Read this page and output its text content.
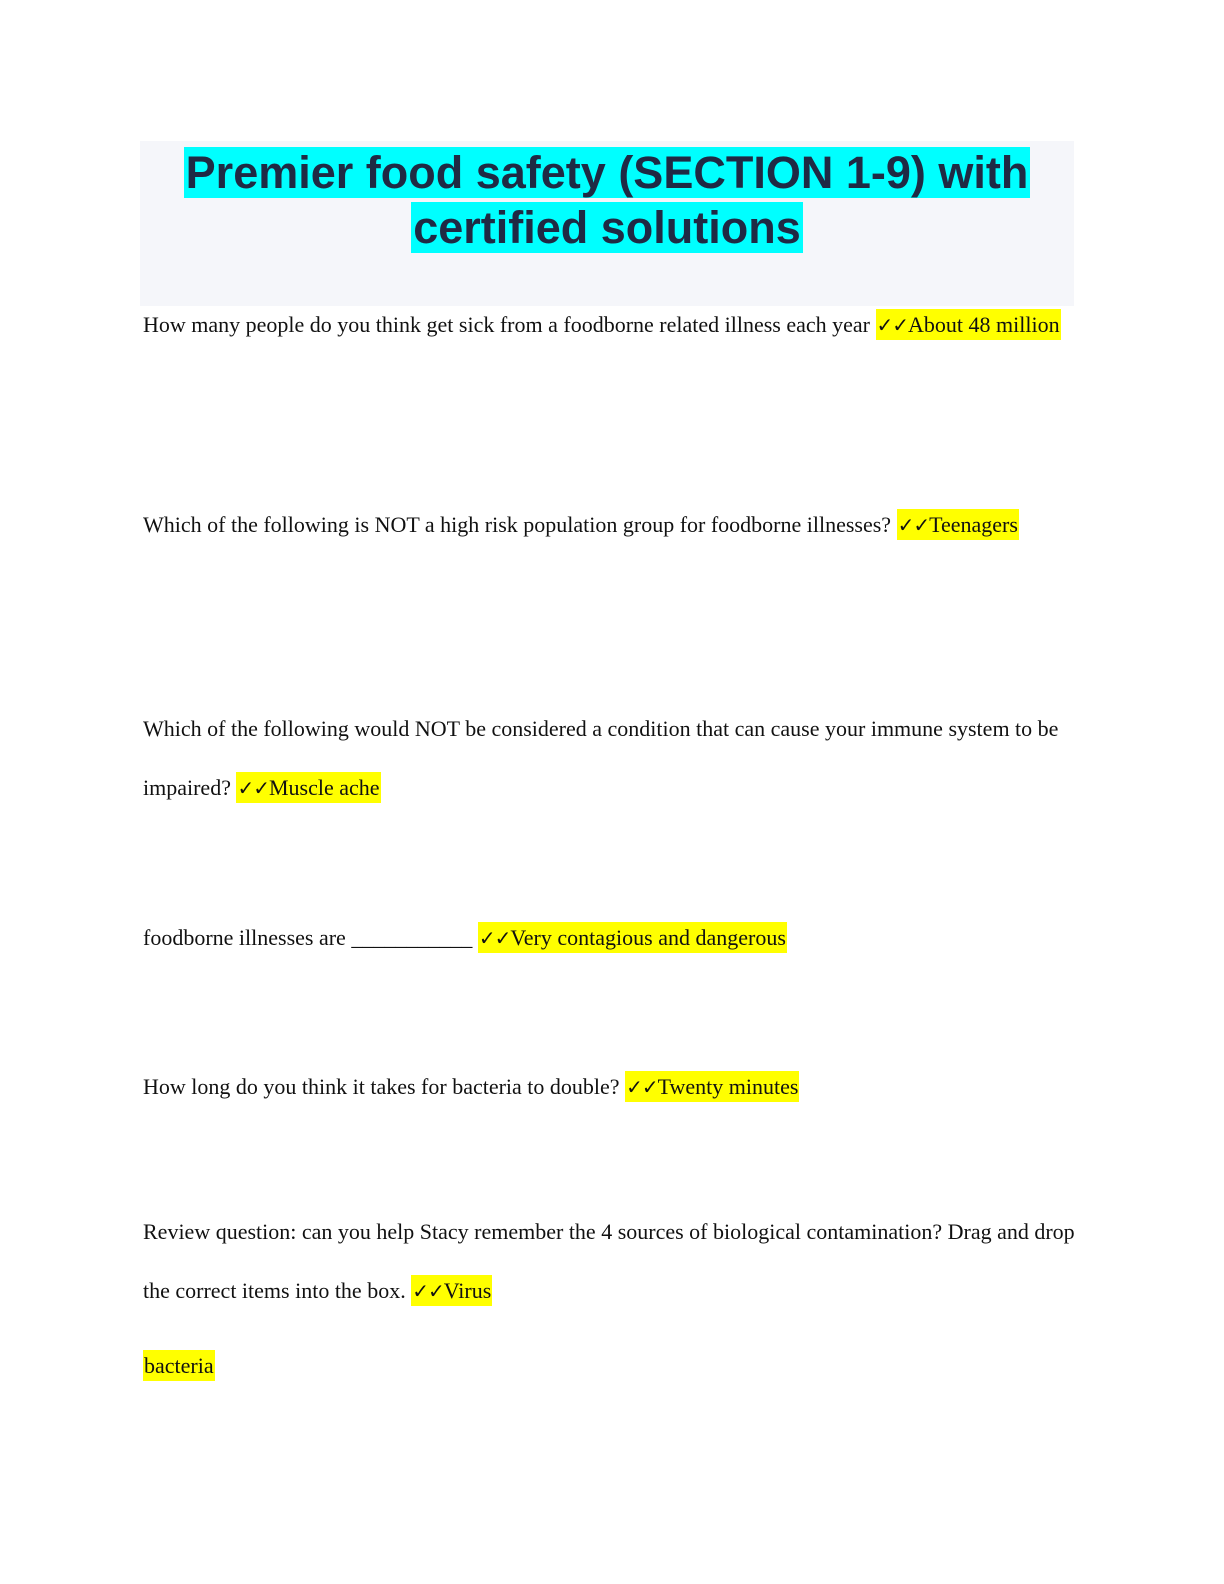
Premier food safety (SECTION 1-9) with
certified solutions

How many people do you think get sick from a foodborne related illness each year ✓✓About 48 million

Which of the following is NOT a high risk population group for foodborne illnesses? ✓✓Teenagers

Which of the following would NOT be considered a condition that can cause your immune system to be impaired? ✓✓Muscle ache

foodborne illnesses are ___________ ✓✓Very contagious and dangerous

How long do you think it takes for bacteria to double? ✓✓Twenty minutes

Review question: can you help Stacy remember the 4 sources of biological contamination? Drag and drop the correct items into the box. ✓✓Virus

bacteria
